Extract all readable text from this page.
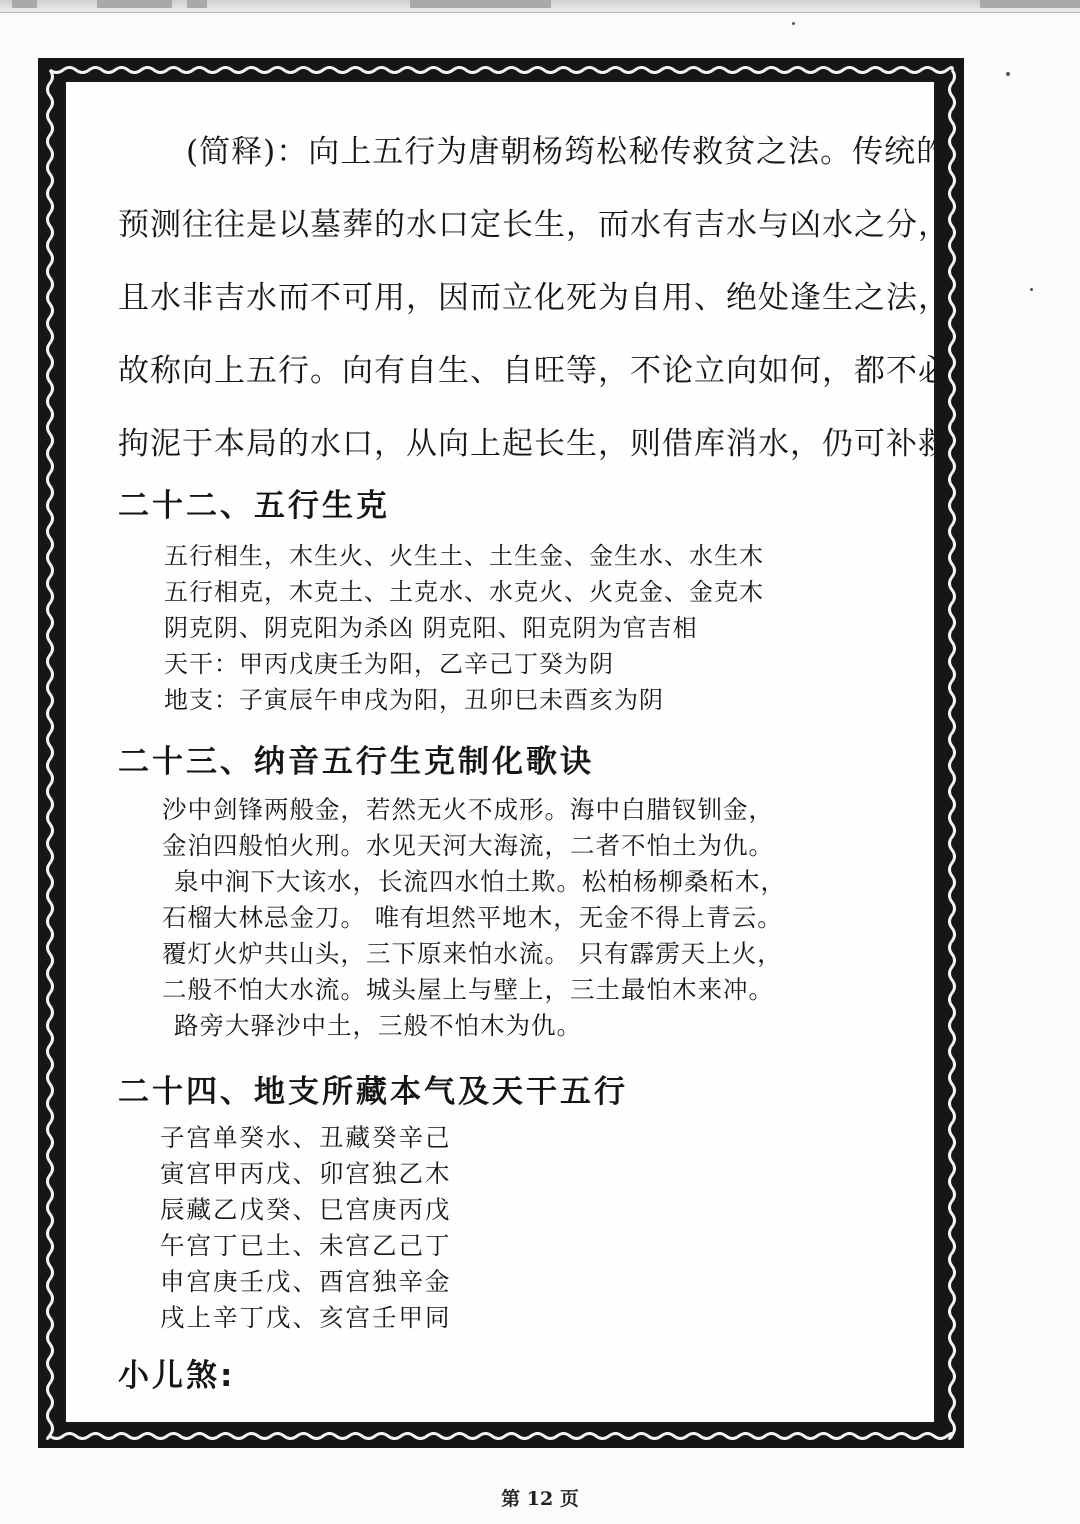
(简释)：向上五行为唐朝杨筠松秘传救贫之法。传统的

预测往往是以墓葬的水口定长生，而水有吉水与凶水之分，

且水非吉水而不可用，因而立化死为自用、绝处逢生之法，

故称向上五行。向有自生、自旺等，不论立向如何，都不必

拘泥于本局的水口，从向上起长生，则借库消水，仍可补救。

二十二、五行生克
五行相生，木生火、火生土、土生金、金生水、水生木
五行相克，木克土、土克水、水克火、火克金、金克木
阴克阴、阴克阳为杀凶 阴克阳、阳克阴为官吉相
天干：甲丙戊庚壬为阳，乙辛己丁癸为阴
地支：子寅辰午申戌为阳，丑卯巳未酉亥为阴
二十三、纳音五行生克制化歌诀
沙中剑锋两般金，若然无火不成形。海中白腊钗钏金，
金泊四般怕火刑。水见天河大海流，二者不怕土为仇。
泉中涧下大该水，长流四水怕土欺。松柏杨柳桑柘木，
石榴大林忌金刀。 唯有坦然平地木，无金不得上青云。
覆灯火炉共山头，三下原来怕水流。 只有霹雳天上火，
二般不怕大水流。城头屋上与壁上，三土最怕木来冲。
路旁大驿沙中土，三般不怕木为仇。
二十四、地支所藏本气及天干五行
子宫单癸水、丑藏癸辛己
寅宫甲丙戊、卯宫独乙木
辰藏乙戊癸、巳宫庚丙戊
午宫丁已土、未宫乙己丁
申宫庚壬戊、酉宫独辛金
戌上辛丁戊、亥宫壬甲同
小儿煞:
第 12 页
